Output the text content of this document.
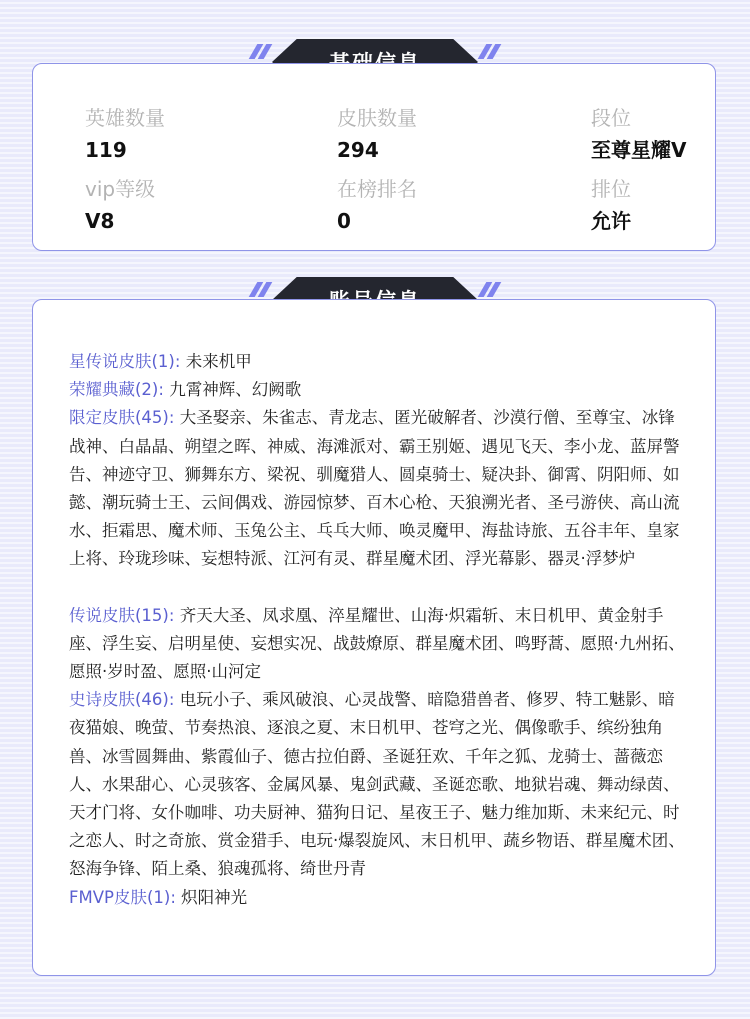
英雄数量
119
皮肤数量
294
段位
至尊星耀V
vip等级
V8
在榜排名
0
排位
允许

星传说皮肤(1): 未来机甲

荣耀典藏(2): 九霄神辉、幻阙歌

限定皮肤(45): 大圣娶亲、朱雀志、青龙志、匿光破解者、沙漠行僧、至尊宝、冰锋战神、白晶晶、朔望之晖、神威、海滩派对、霸王别姬、遇见飞天、李小龙、蓝屏警告、神迹守卫、狮舞东方、梁祝、驯魔猎人、圆桌骑士、疑决卦、御霄、阴阳师、如懿、潮玩骑士王、云间偶戏、游园惊梦、百木心枪、天狼溯光者、圣弓游侠、高山流水、拒霜思、魔术师、玉兔公主、乓乓大师、唤灵魔甲、海盐诗旅、五谷丰年、皇家上将、玲珑珍味、妄想特派、江河有灵、群星魔术团、浮光幕影、器灵·浮梦炉

传说皮肤(15): 齐天大圣、凤求凰、淬星耀世、山海·炽霜斩、末日机甲、黄金射手座、浮生妄、启明星使、妄想实况、战鼓燎原、群星魔术团、鸣野蒿、愿照·九州拓、愿照·岁时盈、愿照·山河定

史诗皮肤(46): 电玩小子、乘风破浪、心灵战警、暗隐猎兽者、修罗、特工魅影、暗夜猫娘、晚萤、节奏热浪、逐浪之夏、末日机甲、苍穹之光、偶像歌手、缤纷独角兽、冰雪圆舞曲、紫霞仙子、德古拉伯爵、圣诞狂欢、千年之狐、龙骑士、蔷薇恋人、水果甜心、心灵骇客、金属风暴、鬼剑武藏、圣诞恋歌、地狱岩魂、舞动绿茵、天才门将、女仆咖啡、功夫厨神、猫狗日记、星夜王子、魅力维加斯、未来纪元、时之恋人、时之奇旅、赏金猎手、电玩·爆裂旋风、末日机甲、蔬乡物语、群星魔术团、怒海争锋、陌上桑、狼魂孤将、绮世丹青

FMVP皮肤(1): 炽阳神光
